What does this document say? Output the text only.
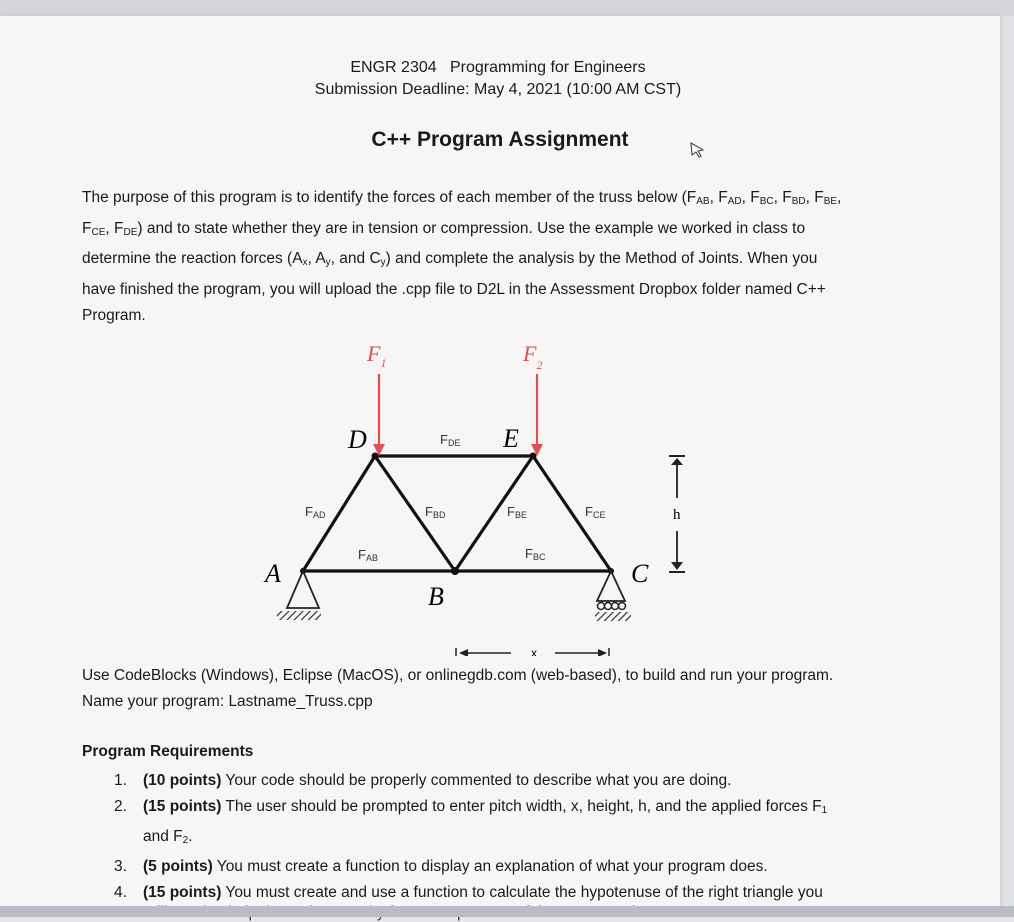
ENGR 2304   Programming for Engineers
Submission Deadline: May 4, 2021 (10:00 AM CST)
C++ Program Assignment
The purpose of this program is to identify the forces of each member of the truss below ($F_{AB}$, $F_{AD}$, $F_{BC}$, $F_{BD}$, $F_{BE}$,
$F_{CE}$, $F_{DE}$) and to state whether they are in tension or compression. Use the example we worked in class to
determine the reaction forces ($A_x$, $A_y$, and $C_y$) and complete the analysis by the Method of Joints. When you
have finished the program, you will upload the .cpp file to D2L in the Assessment Dropbox folder named C++
Program.
$F_1$	$F_2$
D	E
A
B
C
FDE
FAD	FBD	FBE	FCE
FAB	FBC
h
x
Use CodeBlocks (Windows), Eclipse (MacOS), or onlinegdb.com (web-based), to build and run your program.
Name your program: Lastname_Truss.cpp
Program Requirements
1. (10 points) Your code should be properly commented to describe what you are doing.
2. (15 points) The user should be prompted to enter pitch width, x, height, h, and the applied forces $F_1$
and $F_2$.
3. (5 points) You must create a function to display an explanation of what your program does.
4. (15 points) You must create and use a function to calculate the hypotenuse of the right triangle you
